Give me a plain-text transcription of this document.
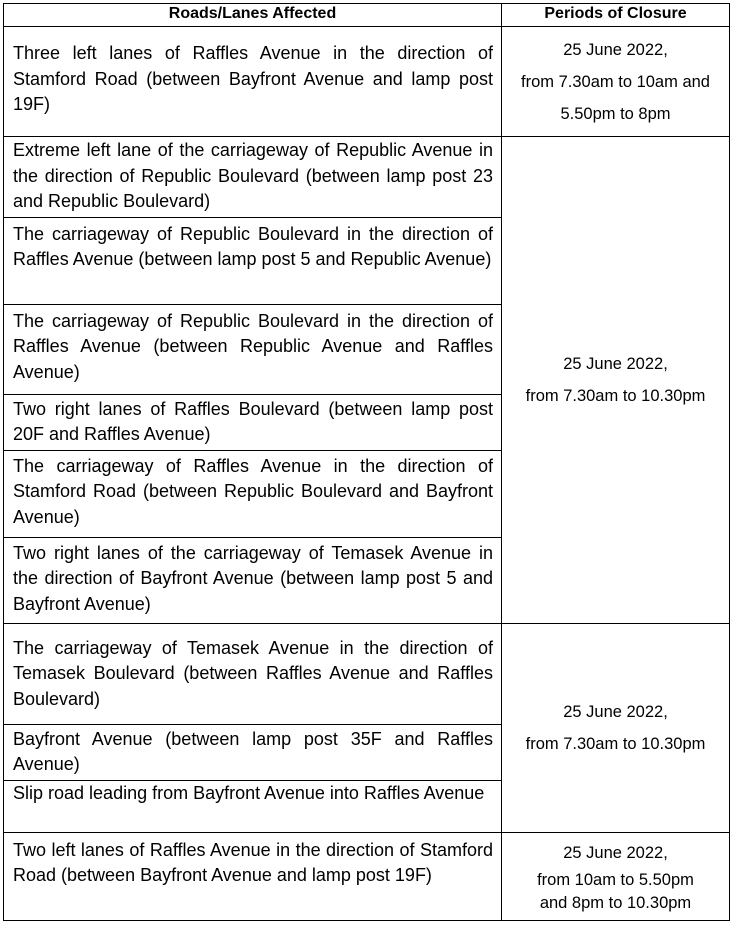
Roads/Lanes Affected	Periods of Closure
Three left lanes of Raffles Avenue in the direction of Stamford Road (between Bayfront Avenue and lamp post 19F)	25 June 2022,
from 7.30am to 10am and
5.50pm to 8pm

Extreme left lane of the carriageway of Republic Avenue in the direction of Republic Boulevard (between lamp post 23 and Republic Boulevard)	25 June 2022,
from 7.30am to 10.30pm

The carriageway of Republic Boulevard in the direction of Raffles Avenue (between lamp post 5 and Republic Avenue)	
The carriageway of Republic Boulevard in the direction of Raffles Avenue (between Republic Avenue and Raffles Avenue)	
Two right lanes of Raffles Boulevard (between lamp post 20F and Raffles Avenue)	
The carriageway of Raffles Avenue in the direction of Stamford Road (between Republic Boulevard and Bayfront Avenue)	
Two right lanes of the carriageway of Temasek Avenue in the direction of Bayfront Avenue (between lamp post 5 and Bayfront Avenue)	
The carriageway of Temasek Avenue in the direction of Temasek Boulevard (between Raffles Avenue and Raffles Boulevard)	25 June 2022,
from 7.30am to 10.30pm

Bayfront Avenue (between lamp post 35F and Raffles Avenue)	
Slip road leading from Bayfront Avenue into Raffles Avenue	
Two left lanes of Raffles Avenue in the direction of Stamford Road (between Bayfront Avenue and lamp post 19F)	25 June 2022,
from 10am to 5.50pm
and 8pm to 10.30pm
